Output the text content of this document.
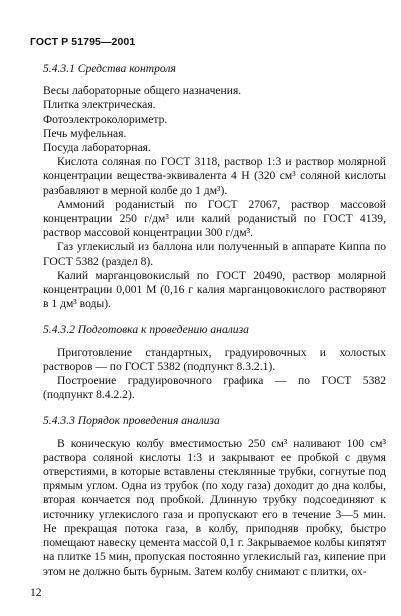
ГОСТ Р 51795—2001
5.4.3.1 Средства контроля
Весы лабораторные общего назначения.
Плитка электрическая.
Фотоэлектроколориметр.
Печь муфельная.
Посуда лабораторная.

Кислота соляная по ГОСТ 3118, раствор 1:3 и раствор молярной концентрации вещества-эквивалента 4 Н (320 см³ соляной кислоты разбавляют в мерной колбе до 1 дм³).

Аммоний роданистый по ГОСТ 27067, раствор массовой концентрации 250 г/дм³ или калий роданистый по ГОСТ 4139, раствор массовой концентрации 300 г/дм³.

Газ углекислый из баллона или полученный в аппарате Киппа по ГОСТ 5382 (раздел 8).

Калий марганцовокислый по ГОСТ 20490, раствор молярной концентрации 0,001 М (0,16 г калия марганцовокислого растворяют в 1 дм³ воды).

5.4.3.2 Подготовка к проведению анализа

Приготовление стандартных, градуировочных и холостых растворов — по ГОСТ 5382 (подпункт 8.3.2.1).

Построение градуировочного графика — по ГОСТ 5382 (подпункт 8.4.2.2).

5.4.3.3 Порядок проведения анализа

В коническую колбу вместимостью 250 см³ наливают 100 см³ раствора соляной кислоты 1:3 и закрывают ее пробкой с двумя отверстиями, в которые вставлены стеклянные трубки, согнутые под прямым углом. Одна из трубок (по ходу газа) доходит до дна колбы, вторая кончается под пробкой. Длинную трубку подсоединяют к источнику углекислого газа и пропускают его в течение 3—5 мин. Не прекращая потока газа, в колбу, приподняв пробку, быстро помещают навеску цемента массой 0,1 г. Закрываемое колбы кипятят на плитке 15 мин, пропуская постоянно углекислый газ, кипение при этом не должно быть бурным. Затем колбу снимают с плитки, ох-

12
